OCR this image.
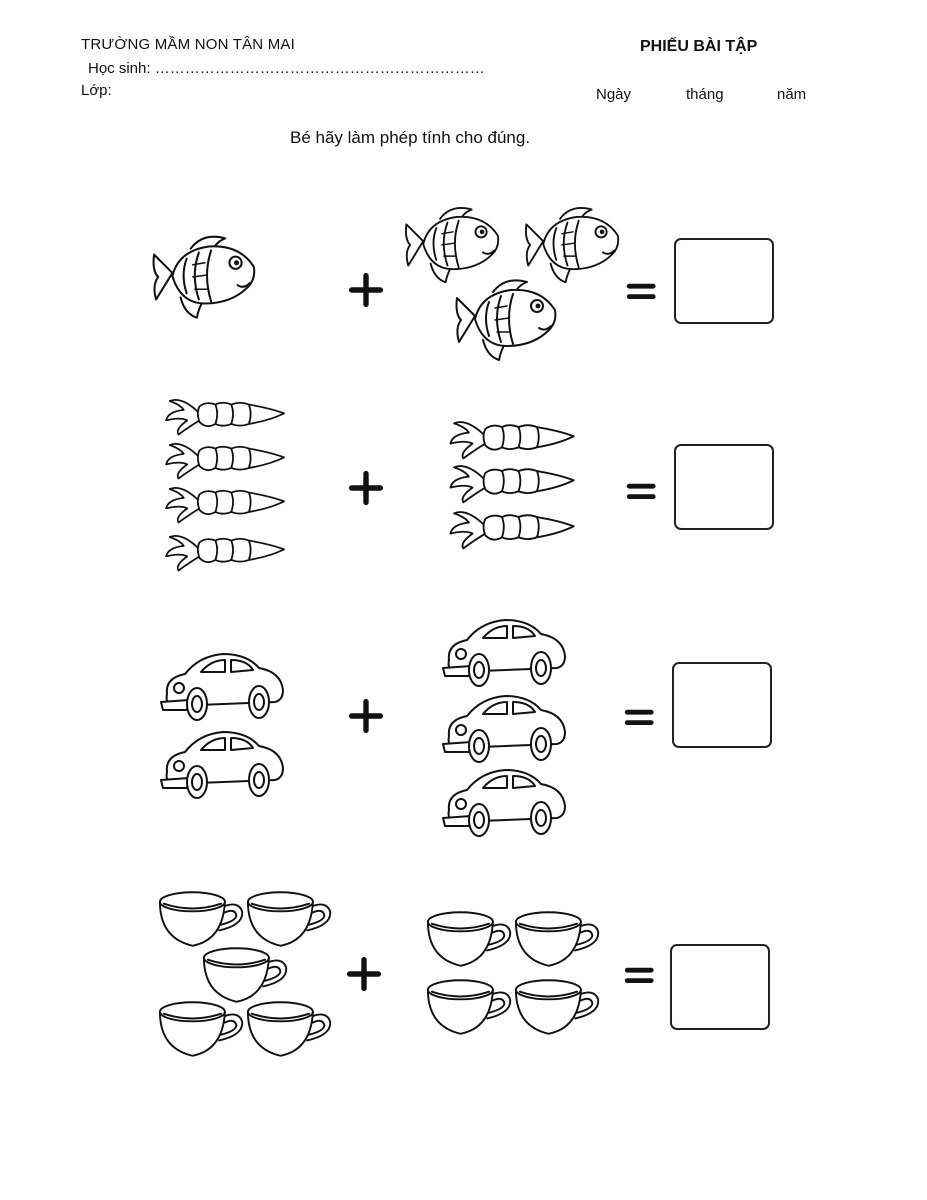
TRƯỜNG MẦM NON TÂN MAI
Học sinh: …………………………………………………………
Lớp:
PHIẾU BÀI TẬP
Ngày	tháng	năm
Bé hãy làm phép tính cho đúng.
